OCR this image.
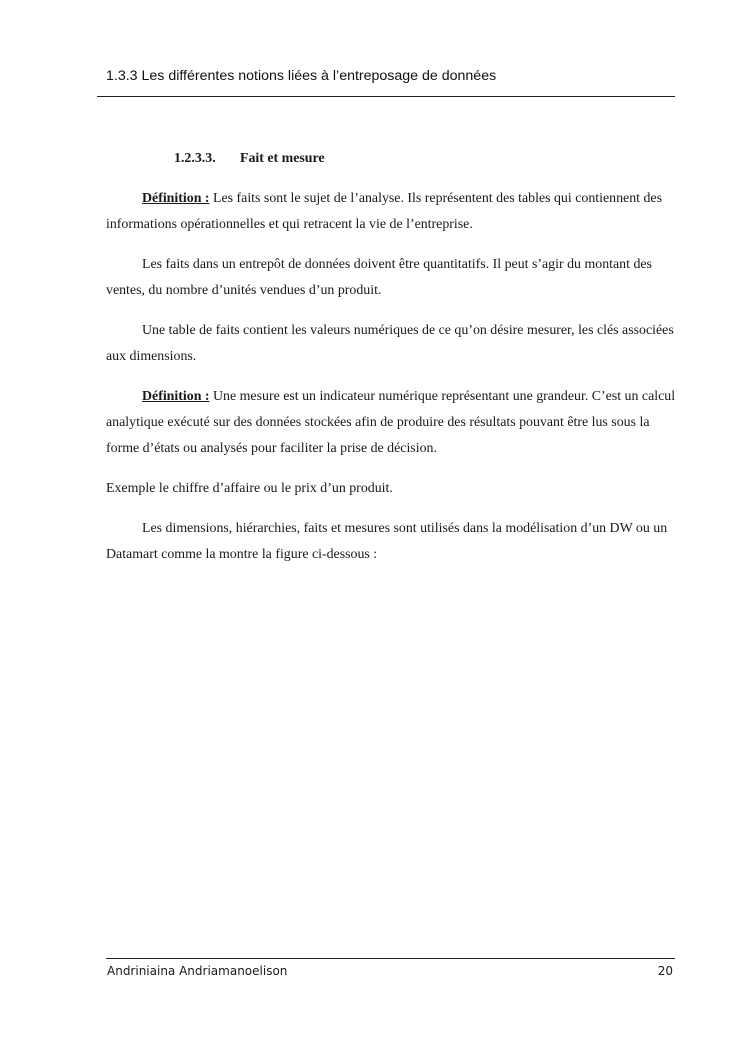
1.3.3 Les différentes notions liées à l’entreposage de données

1.2.3.3. Fait et mesure

Définition : Les faits sont le sujet de l’analyse. Ils représentent des tables qui contiennent des informations opérationnelles et qui retracent la vie de l’entreprise.

Les faits dans un entrepôt de données doivent être quantitatifs. Il peut s’agir du montant des ventes, du nombre d’unités vendues d’un produit.

Une table de faits contient les valeurs numériques de ce qu’on désire mesurer, les clés associées aux dimensions.

Définition : Une mesure est un indicateur numérique représentant une grandeur. C’est un calcul analytique exécuté sur des données stockées afin de produire des résultats pouvant être lus sous la forme d’états ou analysés pour faciliter la prise de décision.

Exemple le chiffre d’affaire ou le prix d’un produit.

Les dimensions, hiérarchies, faits et mesures sont utilisés dans la modélisation d’un DW ou un Datamart comme la montre la figure ci-dessous :

Andriniaina Andriamanoelison	20
